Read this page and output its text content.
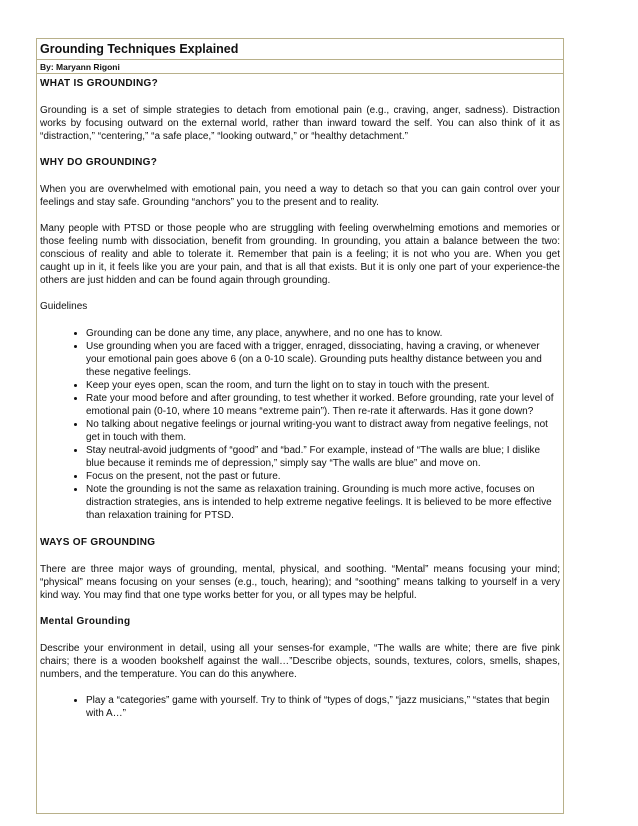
Grounding Techniques Explained
By: Maryann Rigoni
WHAT IS GROUNDING?

Grounding is a set of simple strategies to detach from emotional pain (e.g., craving, anger, sadness). Distraction works by focusing outward on the external world, rather than inward toward the self. You can also think of it as “distraction,” “centering,” “a safe place,” “looking outward,” or “healthy detachment.”

WHY DO GROUNDING?

When you are overwhelmed with emotional pain, you need a way to detach so that you can gain control over your feelings and stay safe. Grounding “anchors” you to the present and to reality.

Many people with PTSD or those people who are struggling with feeling overwhelming emotions and memories or those feeling numb with dissociation, benefit from grounding. In grounding, you attain a balance between the two: conscious of reality and able to tolerate it. Remember that pain is a feeling; it is not who you are. When you get caught up in it, it feels like you are your pain, and that is all that exists. But it is only one part of your experience-the others are just hidden and can be found again through grounding.

Guidelines

• Grounding can be done any time, any place, anywhere, and no one has to know.
• Use grounding when you are faced with a trigger, enraged, dissociating, having a craving, or whenever your emotional pain goes above 6 (on a 0-10 scale). Grounding puts healthy distance between you and these negative feelings.
• Keep your eyes open, scan the room, and turn the light on to stay in touch with the present.
• Rate your mood before and after grounding, to test whether it worked. Before grounding, rate your level of emotional pain (0-10, where 10 means “extreme pain”). Then re-rate it afterwards. Has it gone down?
• No talking about negative feelings or journal writing-you want to distract away from negative feelings, not get in touch with them.
• Stay neutral-avoid judgments of “good” and “bad.” For example, instead of “The walls are blue; I dislike blue because it reminds me of depression,” simply say “The walls are blue” and move on.
• Focus on the present, not the past or future.
• Note the grounding is not the same as relaxation training. Grounding is much more active, focuses on distraction strategies, ans is intended to help extreme negative feelings. It is believed to be more effective than relaxation training for PTSD.
WAYS OF GROUNDING

There are three major ways of grounding, mental, physical, and soothing. “Mental” means focusing your mind; “physical” means focusing on your senses (e.g., touch, hearing); and “soothing” means talking to yourself in a very kind way. You may find that one type works better for you, or all types may be helpful.

Mental Grounding

Describe your environment in detail, using all your senses-for example, “The walls are white; there are five pink chairs; there is a wooden bookshelf against the wall…”Describe objects, sounds, textures, colors, smells, shapes, numbers, and the temperature. You can do this anywhere.

• Play a “categories” game with yourself. Try to think of “types of dogs,” “jazz musicians,” “states that begin with A…”
